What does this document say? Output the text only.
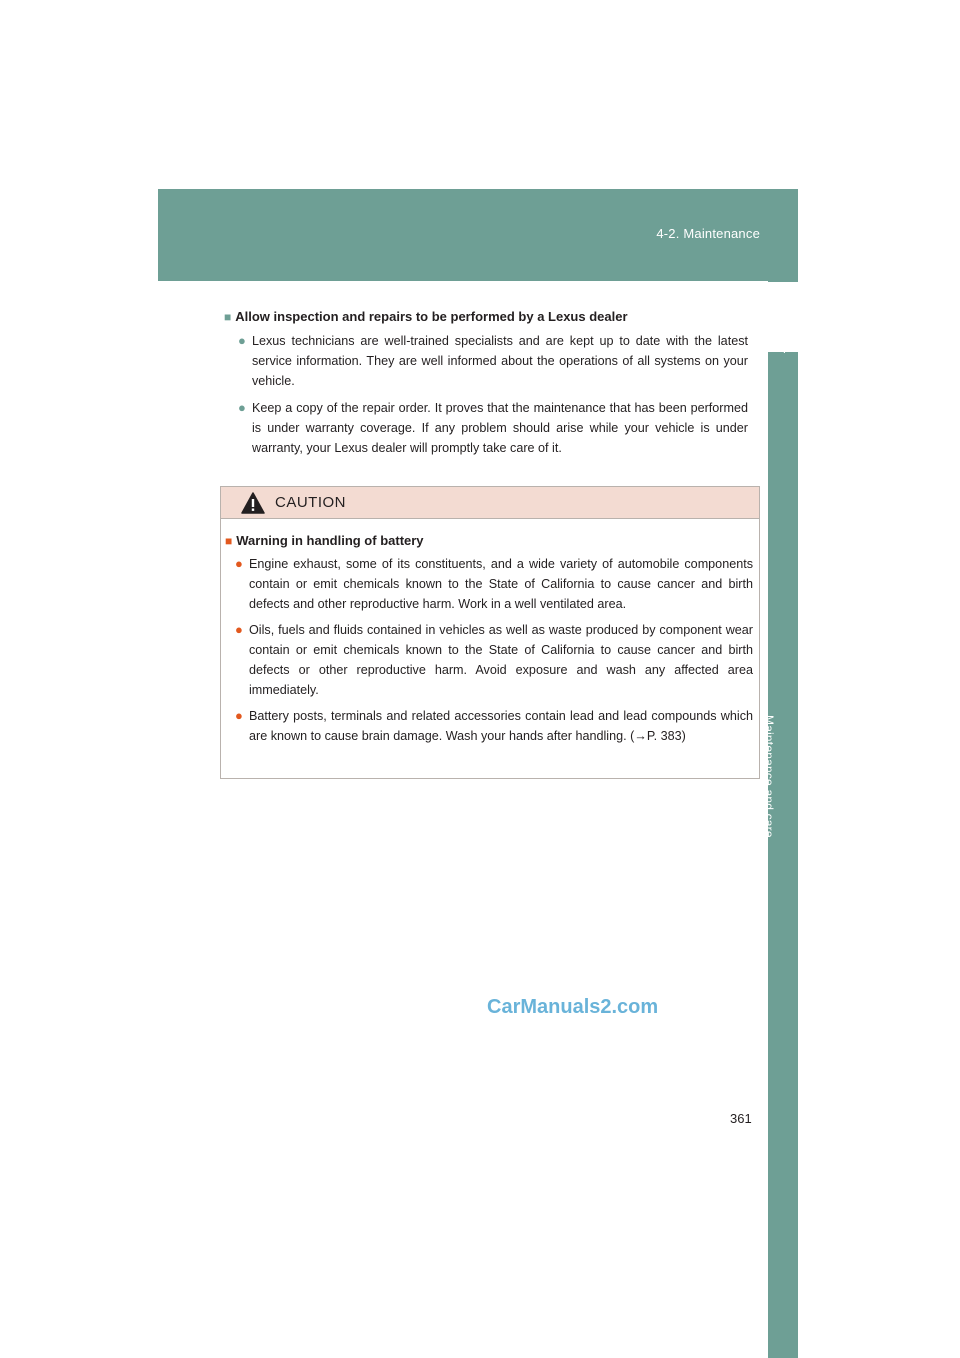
4-2. Maintenance
4
Maintenance and care
■ Allow inspection and repairs to be performed by a Lexus dealer
● Lexus technicians are well-trained specialists and are kept up to date with the latest service information. They are well informed about the operations of all systems on your vehicle.
● Keep a copy of the repair order. It proves that the maintenance that has been performed is under warranty coverage. If any problem should arise while your vehicle is under warranty, your Lexus dealer will promptly take care of it.
CAUTION
■ Warning in handling of battery
● Engine exhaust, some of its constituents, and a wide variety of automobile components contain or emit chemicals known to the State of California to cause cancer and birth defects and other reproductive harm. Work in a well ventilated area.
● Oils, fuels and fluids contained in vehicles as well as waste produced by component wear contain or emit chemicals known to the State of California to cause cancer and birth defects or other reproductive harm. Avoid exposure and wash any affected area immediately.
● Battery posts, terminals and related accessories contain lead and lead compounds which are known to cause brain damage. Wash your hands after handling. (→P. 383)
CarManuals2.com
361
